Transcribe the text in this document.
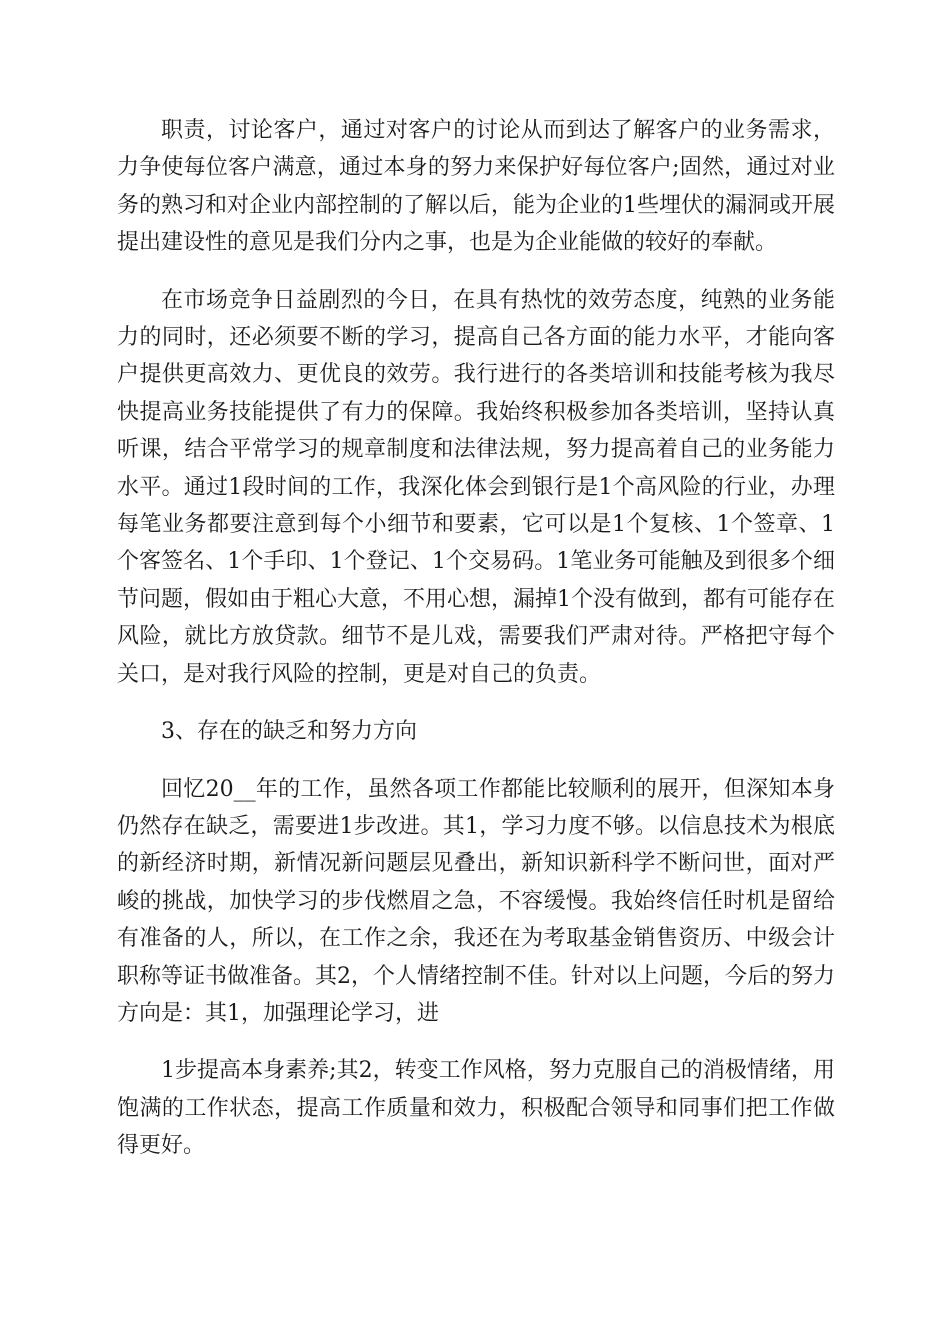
职责，讨论客户，通过对客户的讨论从而到达了解客户的业务需求，力争使每位客户满意，通过本身的努力来保护好每位客户;固然，通过对业务的熟习和对企业内部控制的了解以后，能为企业的1些埋伏的漏洞或开展提出建设性的意见是我们分内之事，也是为企业能做的较好的奉献。

在市场竞争日益剧烈的今日，在具有热忱的效劳态度，纯熟的业务能力的同时，还必须要不断的学习，提高自己各方面的能力水平，才能向客户提供更高效力、更优良的效劳。我行进行的各类培训和技能考核为我尽快提高业务技能提供了有力的保障。我始终积极参加各类培训，坚持认真听课，结合平常学习的规章制度和法律法规，努力提高着自己的业务能力水平。通过1段时间的工作，我深化体会到银行是1个高风险的行业，办理每笔业务都要注意到每个小细节和要素，它可以是1个复核、1个签章、1个客签名、1个手印、1个登记、1个交易码。1笔业务可能触及到很多个细节问题，假如由于粗心大意，不用心想，漏掉1个没有做到，都有可能存在风险，就比方放贷款。细节不是儿戏，需要我们严肃对待。严格把守每个关口，是对我行风险的控制，更是对自己的负责。

3、存在的缺乏和努力方向

回忆20__年的工作，虽然各项工作都能比较顺利的展开，但深知本身仍然存在缺乏，需要进1步改进。其1，学习力度不够。以信息技术为根底的新经济时期，新情况新问题层见叠出，新知识新科学不断问世，面对严峻的挑战，加快学习的步伐燃眉之急，不容缓慢。我始终信任时机是留给有准备的人，所以，在工作之余，我还在为考取基金销售资历、中级会计职称等证书做准备。其2，个人情绪控制不佳。针对以上问题，今后的努力方向是：其1，加强理论学习，进

1步提高本身素养;其2，转变工作风格，努力克服自己的消极情绪，用饱满的工作状态，提高工作质量和效力，积极配合领导和同事们把工作做得更好。
